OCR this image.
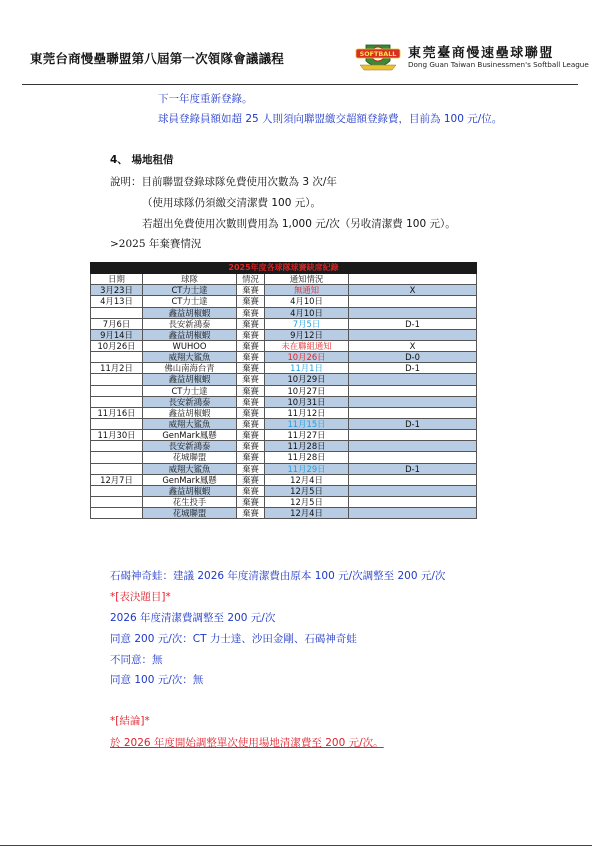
東莞台商慢壘聯盟第八屆第一次領隊會議議程	SOFTBALL 東莞臺商慢速壘球聯盟
Dong Guan Taiwan Businessmen's Softball League
下一年度重新登錄。
球員登錄員額如超 25 人則須向聯盟繳交超額登錄費，目前為 100 元/位。
4、 場地租借
說明：目前聯盟登錄球隊免費使用次數為 3 次/年
（使用球隊仍須繳交清潔費 100 元）。
若超出免費使用次數則費用為 1,000 元/次（另收清潔費 100 元）。
>2025 年棄賽情況
2025年度各球隊球賽缺席紀錄				
日期	球隊	情況	通知情況	
3月23日	CT力士達	棄賽	無通知	X
4月13日	CT力士達	棄賽	4月10日	
	鑫益胡椒蝦	棄賽	4月10日	
7月6日	長安新鴻泰	棄賽	7月5日	D-1
9月14日	鑫益胡椒蝦	棄賽	9月12日	
10月26日	WUHOO	棄賽	未在聯組通知	X
	威翔大鯊魚	棄賽	10月26日	D-0
11月2日	佛山南海台青	棄賽	11月1日	D-1
	鑫益胡椒蝦	棄賽	10月29日	
	CT力士達	棄賽	10月27日	
	長安新鴻泰	棄賽	10月31日	
11月16日	鑫益胡椒蝦	棄賽	11月12日	
	威翔大鯊魚	棄賽	11月15日	D-1
11月30日	GenMark鳳懸	棄賽	11月27日	
	長安新鴻泰	棄賽	11月28日	
	花城聯盟	棄賽	11月28日	
	威翔大鯊魚	棄賽	11月29日	D-1
12月7日	GenMark鳳懸	棄賽	12月4日	
	鑫益胡椒蝦	棄賽	12月5日	
	花生投手	棄賽	12月5日	
	花城聯盟	棄賽	12月4日	
石碣神奇蛙：建議 2026 年度清潔費由原本 100 元/次調整至 200 元/次
*[表決題目]*
2026 年度清潔費調整至 200 元/次
同意 200 元/次：CT 力士達、沙田金剛、石碣神奇蛙
不同意：無
同意 100 元/次：無
*[結論]*
於 2026 年度開始調整單次使用場地清潔費至 200 元/次。
